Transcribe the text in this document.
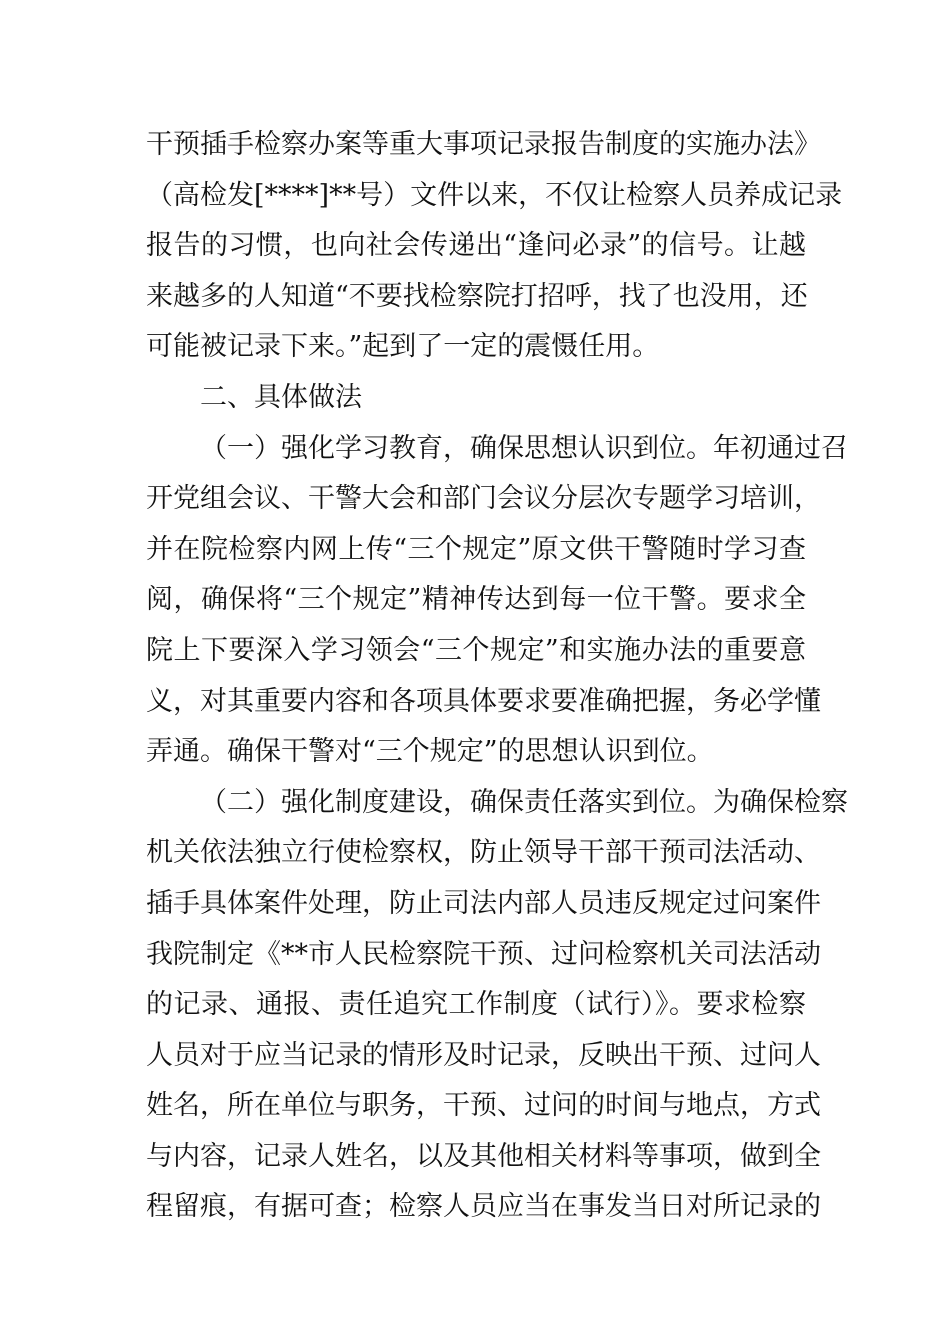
干预插手检察办案等重大事项记录报告制度的实施办法》
（高检发[****]**号）文件以来，不仅让检察人员养成记录
报告的习惯，也向社会传递出“逢问必录”的信号。让越
来越多的人知道“不要找检察院打招呼，找了也没用，还
可能被记录下来。”起到了一定的震慑任用。
二、具体做法
（一）强化学习教育，确保思想认识到位。年初通过召
开党组会议、干警大会和部门会议分层次专题学习培训，
并在院检察内网上传“三个规定”原文供干警随时学习查
阅，确保将“三个规定”精神传达到每一位干警。要求全
院上下要深入学习领会“三个规定”和实施办法的重要意
义，对其重要内容和各项具体要求要准确把握，务必学懂
弄通。确保干警对“三个规定”的思想认识到位。
（二）强化制度建设，确保责任落实到位。为确保检察
机关依法独立行使检察权，防止领导干部干预司法活动、
插手具体案件处理，防止司法内部人员违反规定过问案件
我院制定《**市人民检察院干预、过问检察机关司法活动
的记录、通报、责任追究工作制度（试行）》。要求检察
人员对于应当记录的情形及时记录，反映出干预、过问人
姓名，所在单位与职务，干预、过问的时间与地点，方式
与内容，记录人姓名，以及其他相关材料等事项，做到全
程留痕，有据可查；检察人员应当在事发当日对所记录的
